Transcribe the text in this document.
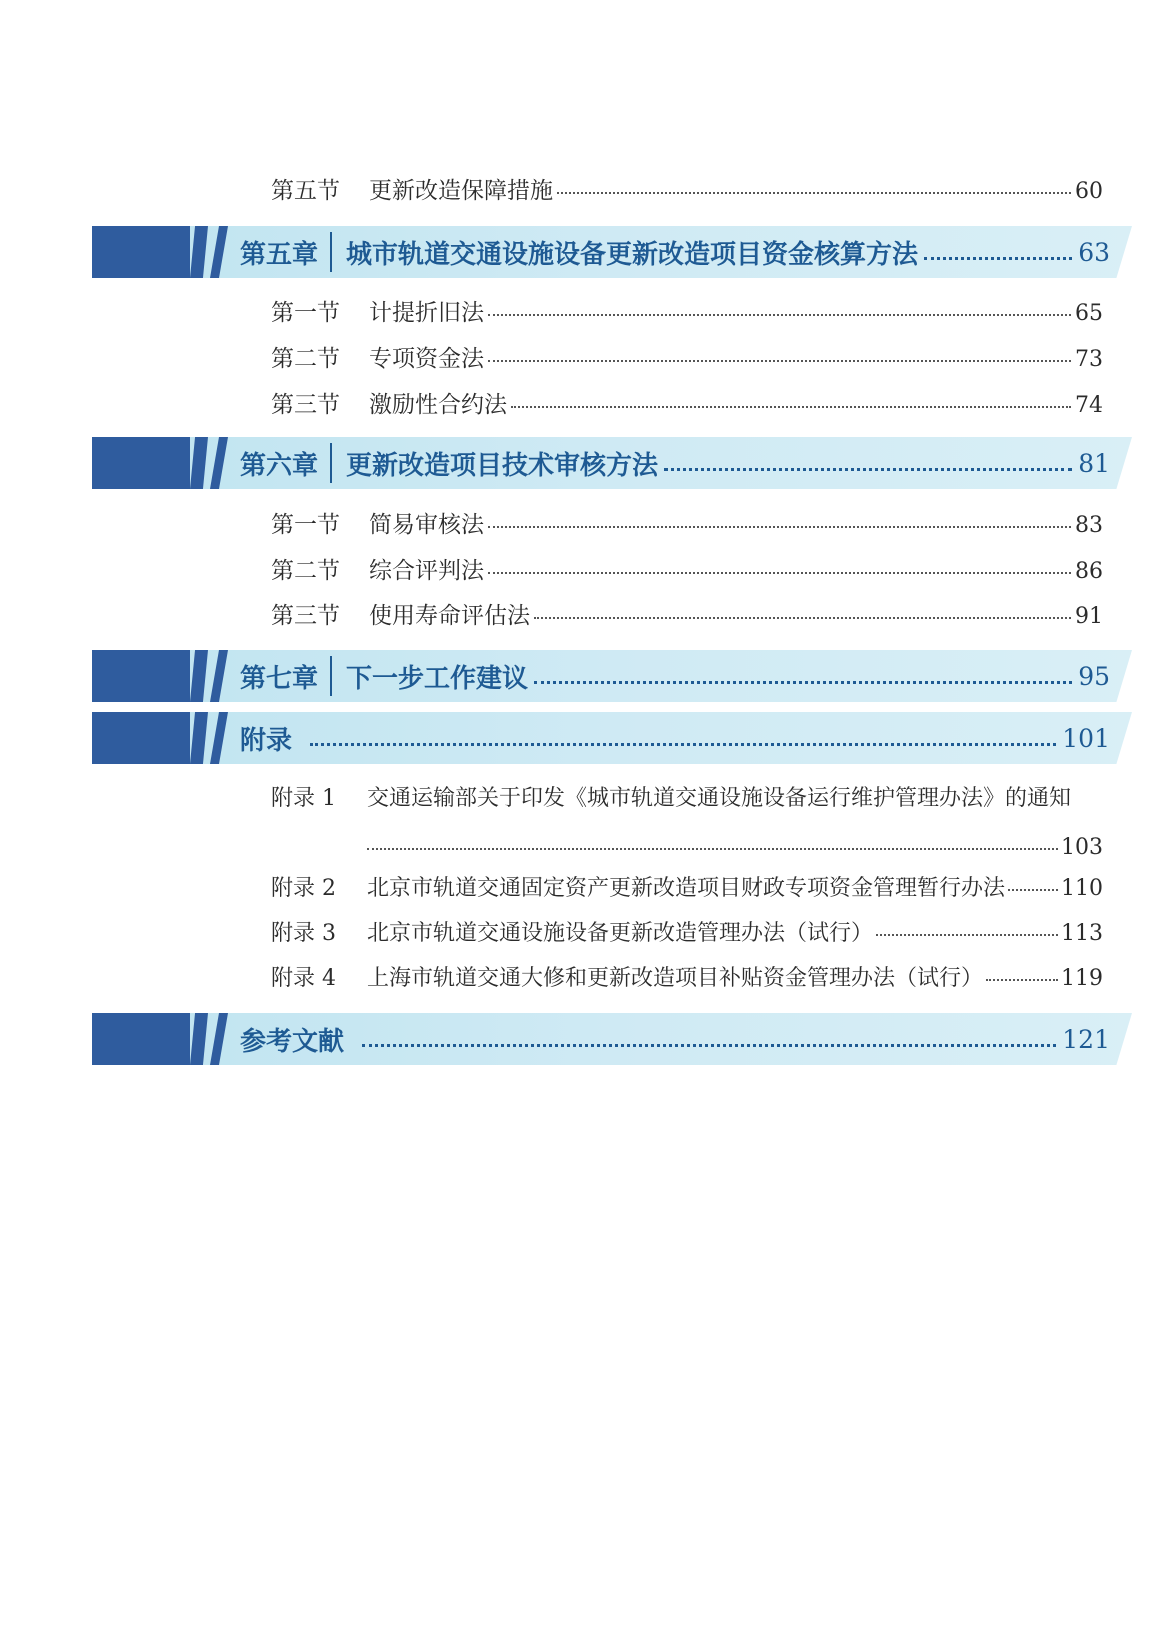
第五节	更新改造保障措施	60
第五章	城市轨道交通设施设备更新改造项目资金核算方法	63
第一节	计提折旧法	65
第二节	专项资金法	73
第三节	激励性合约法	74
第六章	更新改造项目技术审核方法	81
第一节	简易审核法	83
第二节	综合评判法	86
第三节	使用寿命评估法	91
第七章	下一步工作建议	95
附录	101
附录 1	交通运输部关于印发《城市轨道交通设施设备运行维护管理办法》的通知
103
附录 2	北京市轨道交通固定资产更新改造项目财政专项资金管理暂行办法	110
附录 3	北京市轨道交通设施设备更新改造管理办法（试行）	113
附录 4	上海市轨道交通大修和更新改造项目补贴资金管理办法（试行）	119
参考文献	121
